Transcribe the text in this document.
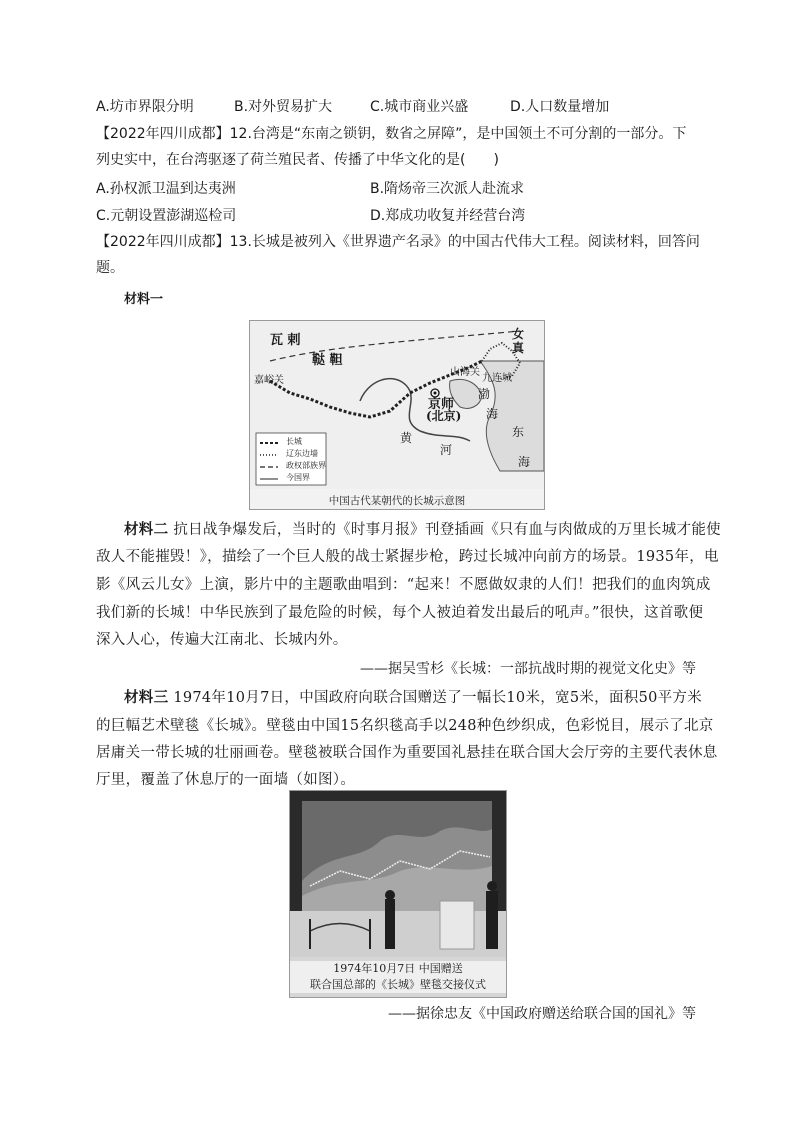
A.坊市界限分明	B.对外贸易扩大	C.城市商业兴盛	D.人口数量增加
【2022年四川成都】12.台湾是“东南之锁钥，数省之屏障”，是中国领土不可分割的一部分。下
列史实中，在台湾驱逐了荷兰殖民者、传播了中华文化的是(　　)
A.孙权派卫温到达夷洲	B.隋炀帝三次派人赴流求
C.元朝设置澎湖巡检司	D.郑成功收复并经营台湾
【2022年四川成都】13.长城是被列入《世界遗产名录》的中国古代伟大工程。阅读材料，回答问
题。
材料一
瓦 剌
鞑 靼
女真
嘉峪关
山海关
九连城
京师
(北京)
渤
海
黄
河
东
海
长城
辽东边墙
政权部族界
今国界
中国古代某朝代的长城示意图
材料二 抗日战争爆发后，当时的《时事月报》刊登插画《只有血与肉做成的万里长城才能使
敌人不能摧毁！》，描绘了一个巨人般的战士紧握步枪，跨过长城冲向前方的场景。1935年，电
影《风云儿女》上演，影片中的主题歌曲唱到：“起来！不愿做奴隶的人们！把我们的血肉筑成
我们新的长城！中华民族到了最危险的时候，每个人被迫着发出最后的吼声。”很快，这首歌便
深入人心，传遍大江南北、长城内外。
——据吴雪杉《长城：一部抗战时期的视觉文化史》等
材料三 1974年10月7日，中国政府向联合国赠送了一幅长10米，宽5米，面积50平方米
的巨幅艺术壁毯《长城》。壁毯由中国15名织毯高手以248种色纱织成，色彩悦目，展示了北京
居庸关一带长城的壮丽画卷。壁毯被联合国作为重要国礼悬挂在联合国大会厅旁的主要代表休息
厅里，覆盖了休息厅的一面墙（如图）。
1974年10月7日 中国赠送
联合国总部的《长城》壁毯交接仪式
——据徐忠友《中国政府赠送给联合国的国礼》等
